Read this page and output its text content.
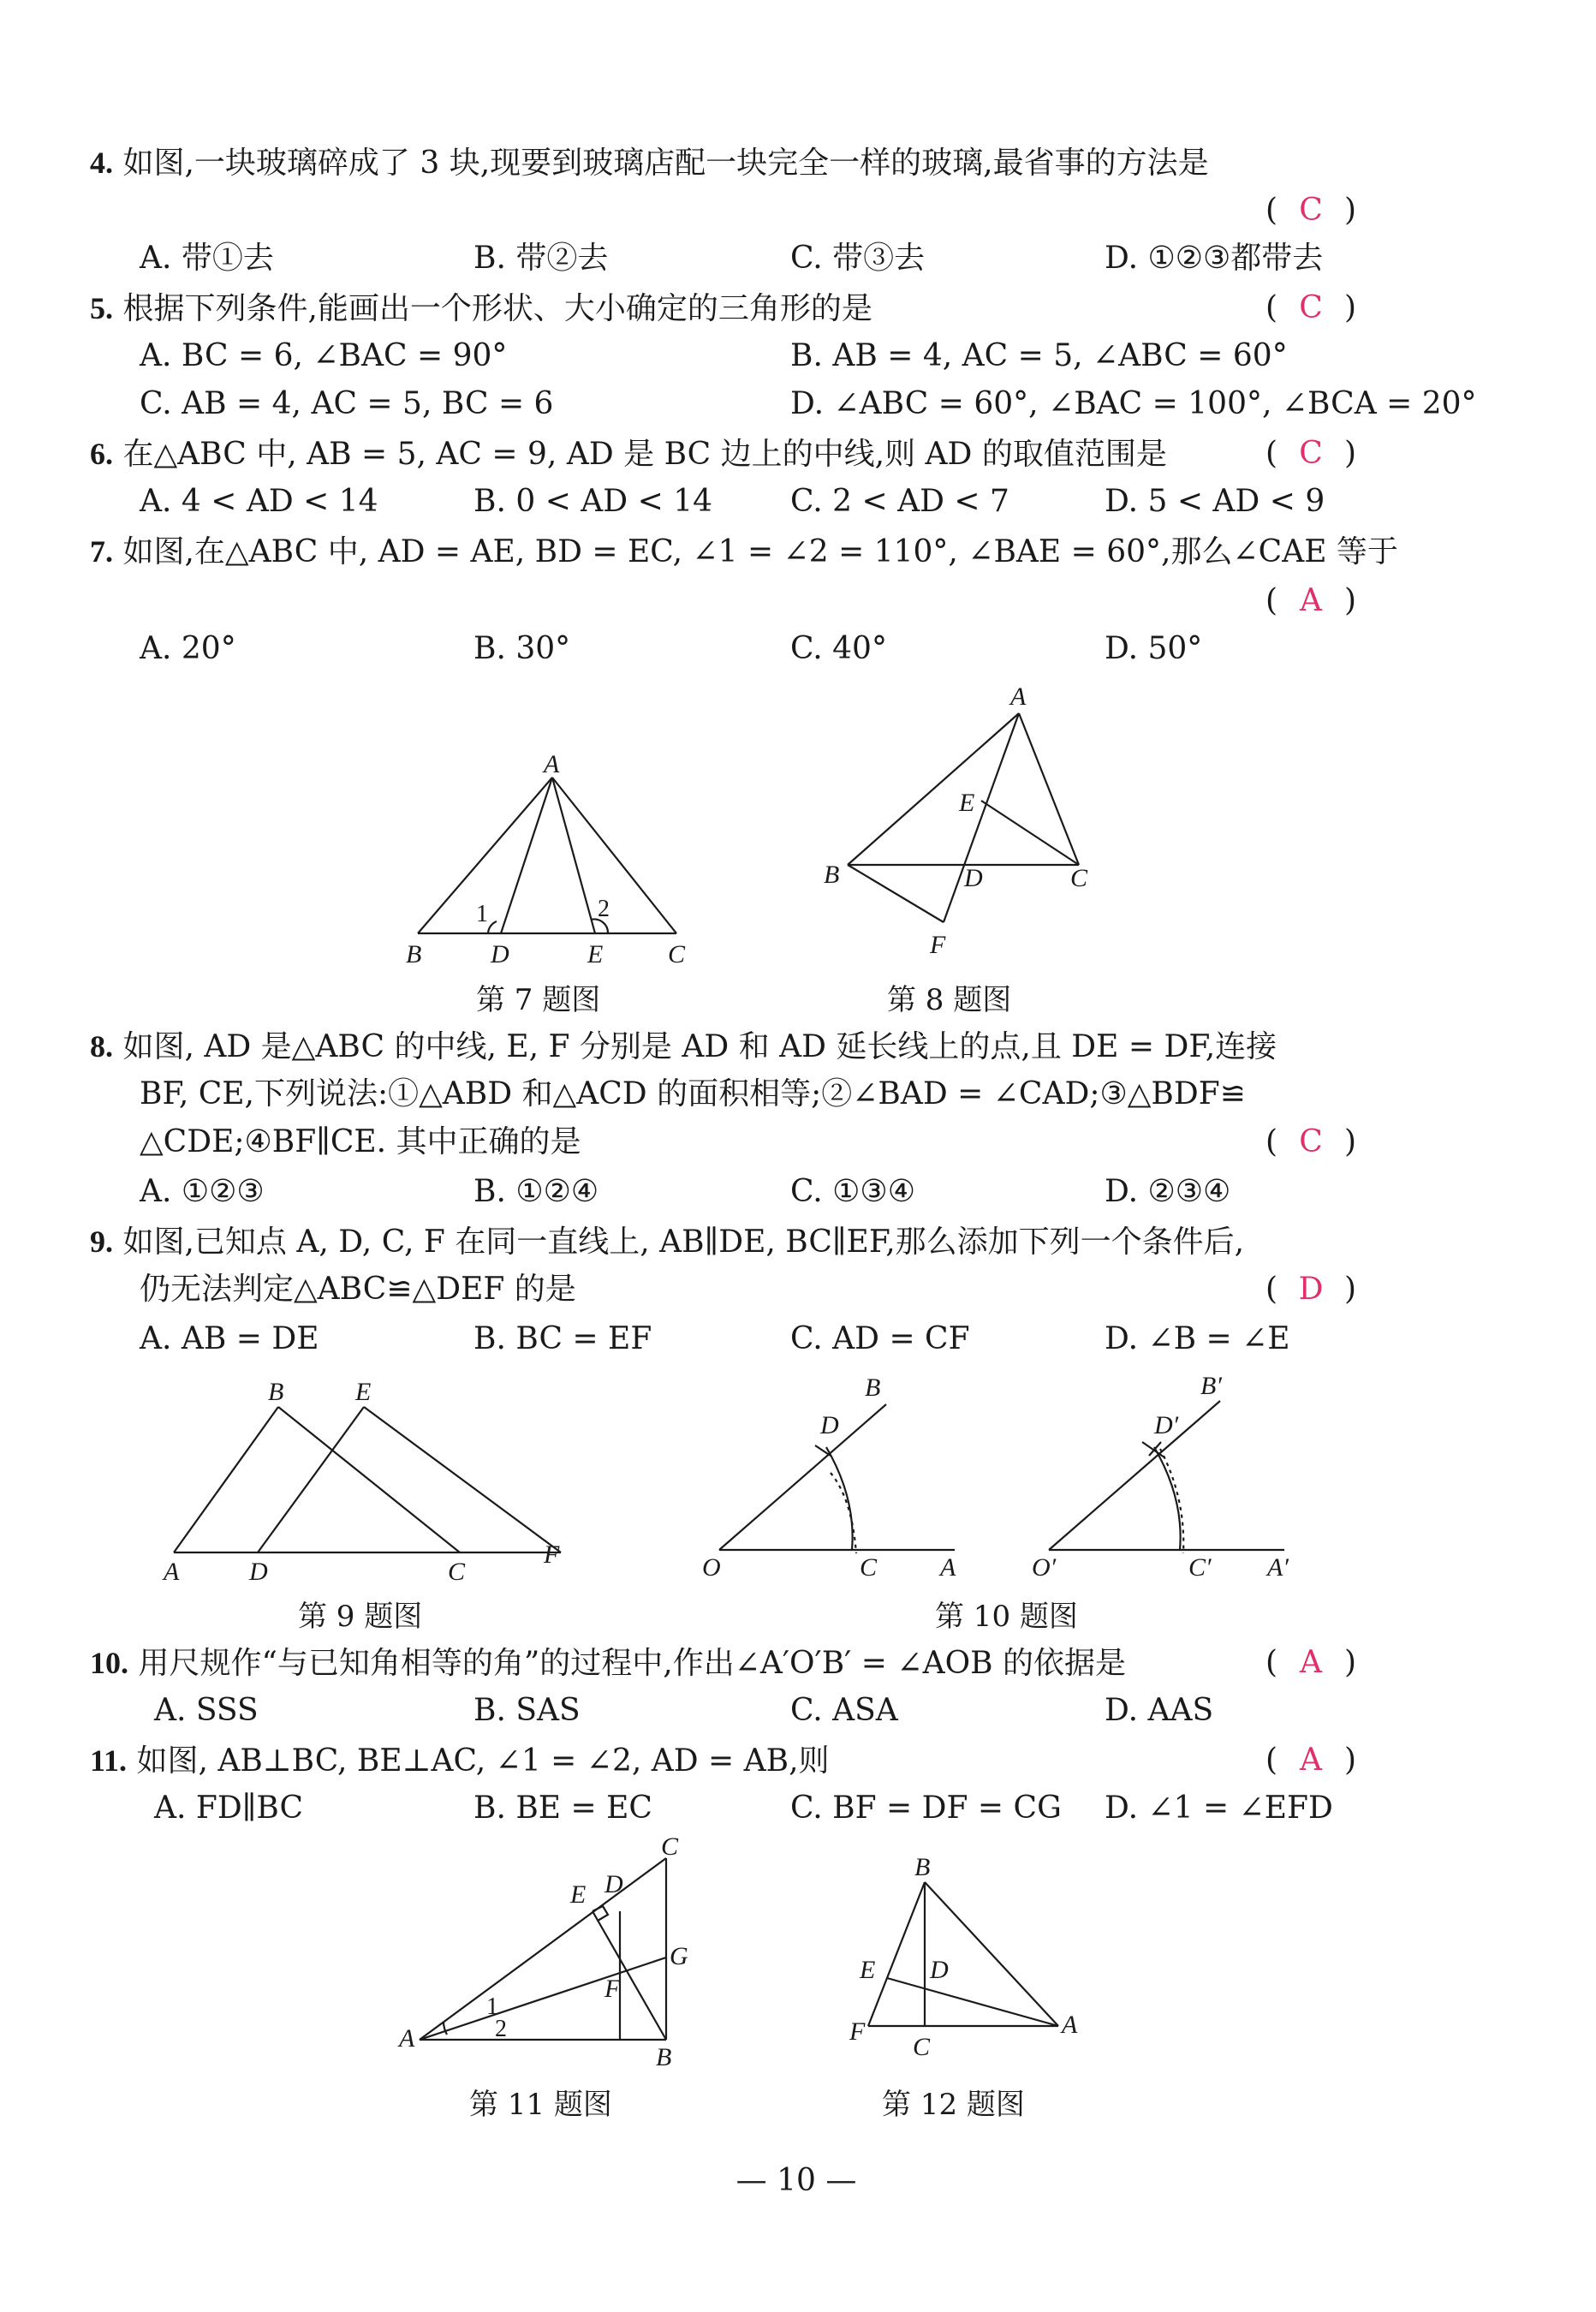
4. 如图,一块玻璃碎成了 3 块,现要到玻璃店配一块完全一样的玻璃,最省事的方法是
( C )
A. 带①去	B. 带②去	C. 带③去	D. ①②③都带去
5. 根据下列条件,能画出一个形状、大小确定的三角形的是	( C )
A. BC = 6, ∠BAC = 90°	B. AB = 4, AC = 5, ∠ABC = 60°
C. AB = 4, AC = 5, BC = 6	D. ∠ABC = 60°, ∠BAC = 100°, ∠BCA = 20°
6. 在△ABC 中, AB = 5, AC = 9, AD 是 BC 边上的中线,则 AD 的取值范围是	( C )
A. 4 < AD < 14	B. 0 < AD < 14	C. 2 < AD < 7	D. 5 < AD < 9
7. 如图,在△ABC 中, AD = AE, BD = EC, ∠1 = ∠2 = 110°, ∠BAE = 60°,那么∠CAE 等于
( A )
A. 20°	B. 30°	C. 40°	D. 50°
A
B	D	E	C
1	2
第 7 题图
A
E
B	D	C
F
第 8 题图
8. 如图, AD 是△ABC 的中线, E, F 分别是 AD 和 AD 延长线上的点,且 DE = DF,连接
BF, CE,下列说法:①△ABD 和△ACD 的面积相等;②∠BAD = ∠CAD;③△BDF≌
△CDE;④BF∥CE. 其中正确的是	( C )
A. ①②③	B. ①②④	C. ①③④	D. ②③④
9. 如图,已知点 A, D, C, F 在同一直线上, AB∥DE, BC∥EF,那么添加下列一个条件后,
仍无法判定△ABC≌△DEF 的是	( D )
A. AB = DE	B. BC = EF	C. AD = CF	D. ∠B = ∠E
B	E
A	D	C
F
第 9 题图
B
D
O	C A
B′
D′
O′	C′ A′
第 10 题图
10. 用尺规作“与已知角相等的角”的过程中,作出∠A′O′B′ = ∠AOB 的依据是	( A )
A. SSS	B. SAS	C. ASA	D. AAS
11. 如图, AB⊥BC, BE⊥AC, ∠1 = ∠2, AD = AB,则	( A )
A. FD∥BC	B. BE = EC	C. BF = DF = CG D. ∠1 = ∠EFD
C
D
E
G
F
A
1
2
B
第 11 题图
B
E D
F
C
A
第 12 题图
— 10 —
